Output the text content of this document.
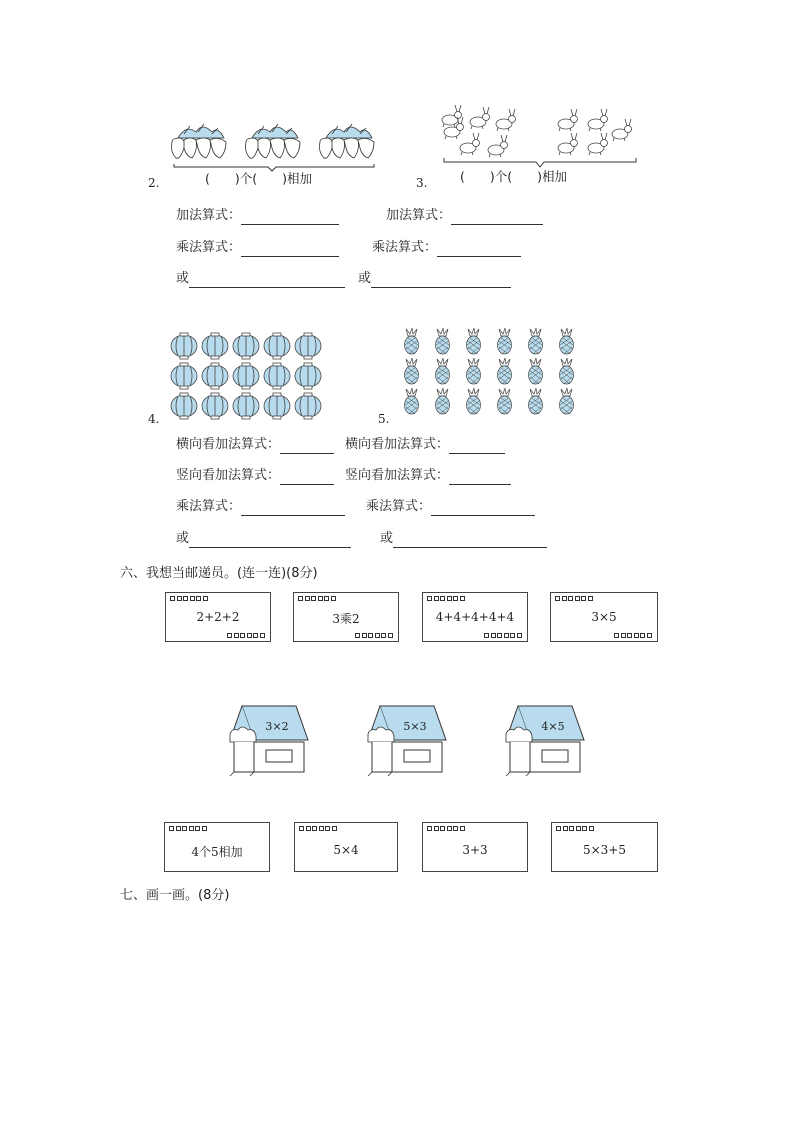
2.	(　　)个(　　)相加	3.	(　　)个(　　)相加
加法算式：	加法算式：
乘法算式：	乘法算式：
或	或
4.	5.
横向看加法算式：	横向看加法算式：
竖向看加法算式：	竖向看加法算式：
乘法算式：	乘法算式：
或	或
六、我想当邮递员。(连一连)(8分)
2+2+2	3乘2	4+4+4+4+4	3×5
3×2	5×3	4×5
4个5相加	5×4	3+3	5×3+5
七、画一画。(8分)
